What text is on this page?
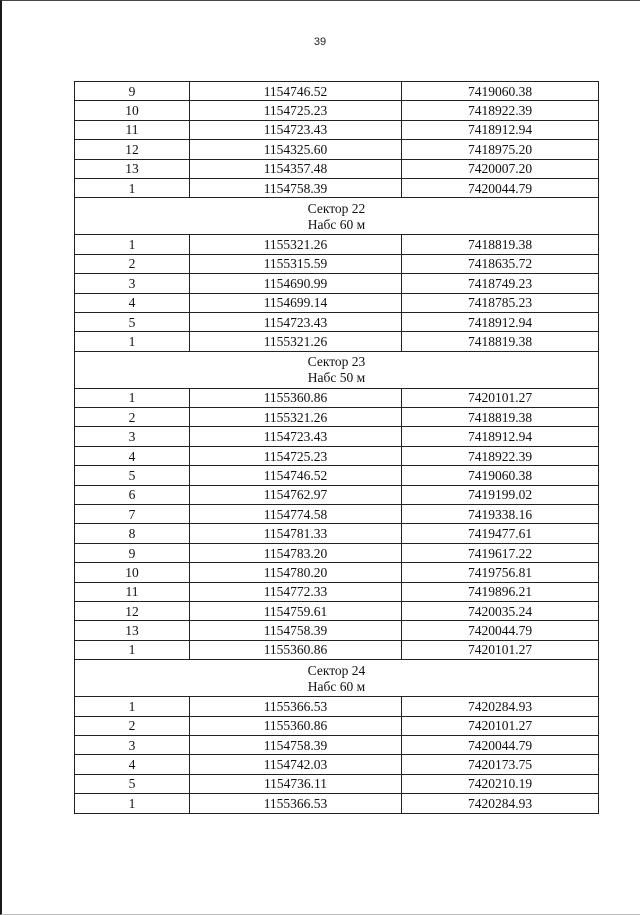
39
9	1154746.52	7419060.38
10	1154725.23	7418922.39
11	1154723.43	7418912.94
12	1154325.60	7418975.20
13	1154357.48	7420007.20
1	1154758.39	7420044.79

Сектор 22
Набс 60 м		

1	1155321.26	7418819.38
2	1155315.59	7418635.72
3	1154690.99	7418749.23
4	1154699.14	7418785.23
5	1154723.43	7418912.94
1	1155321.26	7418819.38

Сектор 23
Набс 50 м		

1	1155360.86	7420101.27
2	1155321.26	7418819.38
3	1154723.43	7418912.94
4	1154725.23	7418922.39
5	1154746.52	7419060.38
6	1154762.97	7419199.02
7	1154774.58	7419338.16
8	1154781.33	7419477.61
9	1154783.20	7419617.22
10	1154780.20	7419756.81
11	1154772.33	7419896.21
12	1154759.61	7420035.24
13	1154758.39	7420044.79
1	1155360.86	7420101.27

Сектор 24
Набс 60 м		

1	1155366.53	7420284.93
2	1155360.86	7420101.27
3	1154758.39	7420044.79
4	1154742.03	7420173.75
5	1154736.11	7420210.19
1	1155366.53	7420284.93
